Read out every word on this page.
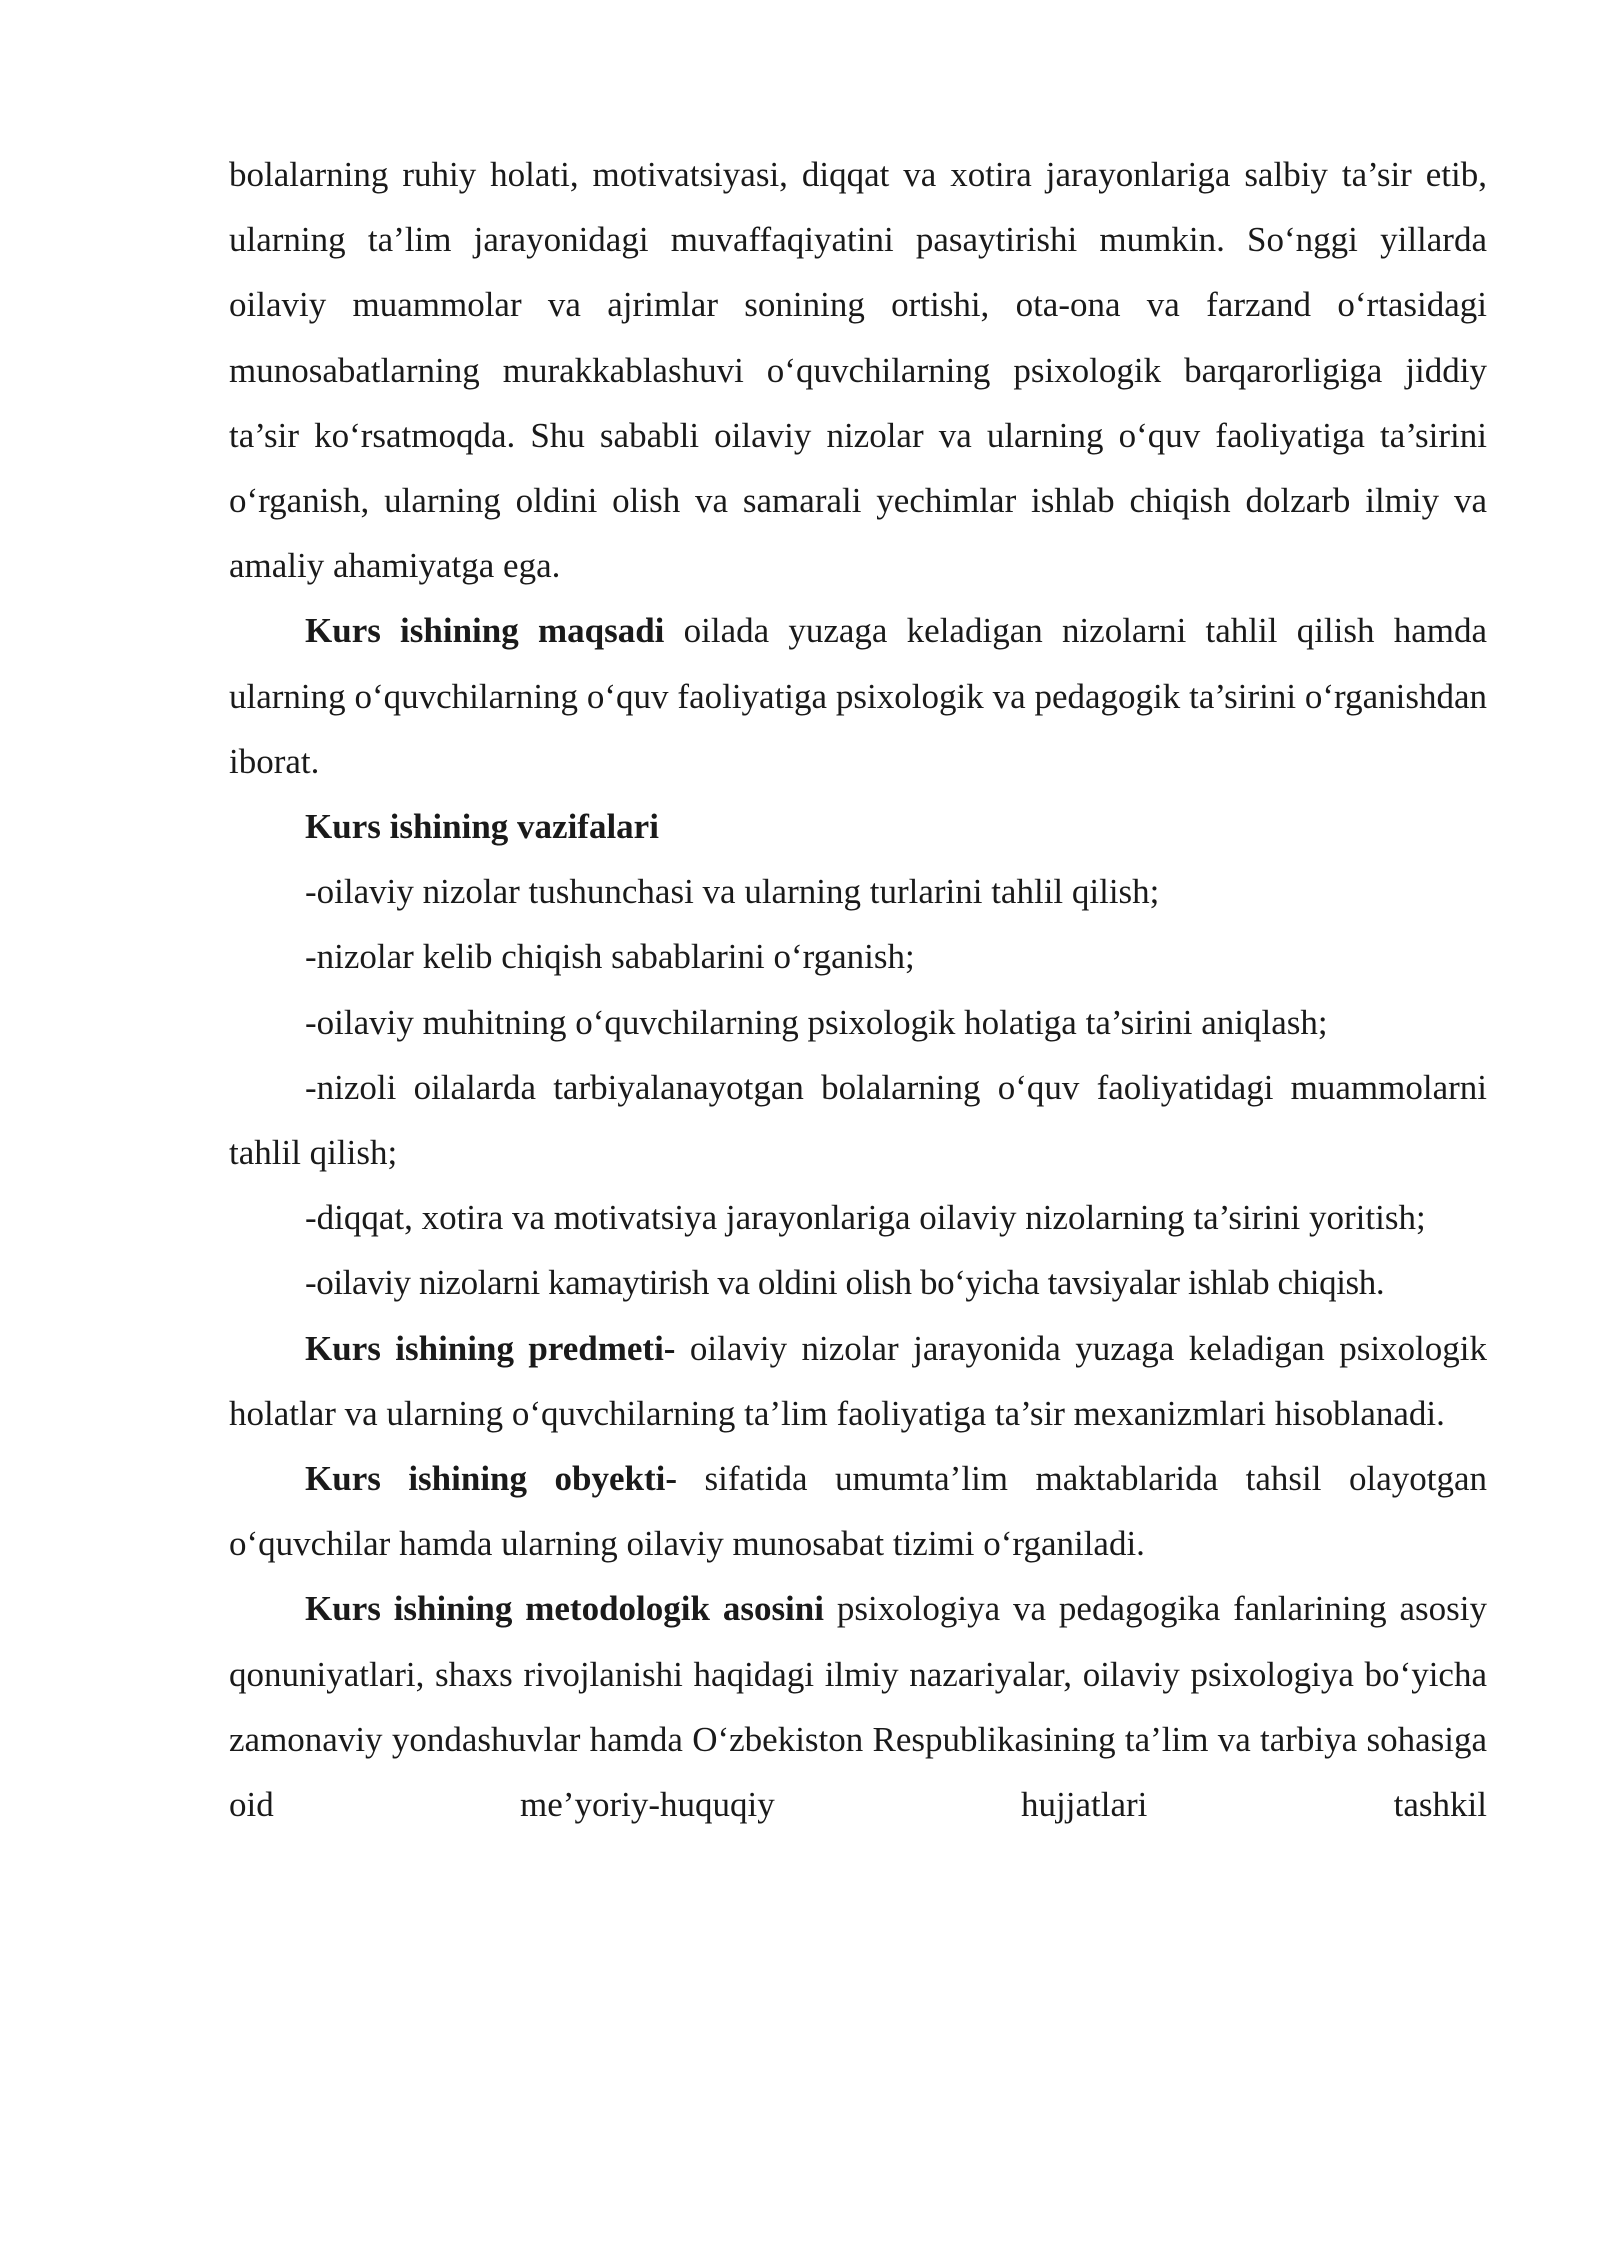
bolalarning ruhiy holati, motivatsiyasi, diqqat va xotira jarayonlariga salbiy ta’sir etib, ularning ta’lim jarayonidagi muvaffaqiyatini pasaytirishi mumkin. So‘nggi yillarda oilaviy muammolar va ajrimlar sonining ortishi, ota-ona va farzand o‘rtasidagi munosabatlarning murakkablashuvi o‘quvchilarning psixologik barqarorligiga jiddiy ta’sir ko‘rsatmoqda. Shu sababli oilaviy nizolar va ularning o‘quv faoliyatiga ta’sirini o‘rganish, ularning oldini olish va samarali yechimlar ishlab chiqish dolzarb ilmiy va amaliy ahamiyatga ega.

Kurs ishining maqsadi oilada yuzaga keladigan nizolarni tahlil qilish hamda ularning o‘quvchilarning o‘quv faoliyatiga psixologik va pedagogik ta’sirini o‘rganishdan iborat.

Kurs ishining vazifalari

-oilaviy nizolar tushunchasi va ularning turlarini tahlil qilish;

-nizolar kelib chiqish sabablarini o‘rganish;

-oilaviy muhitning o‘quvchilarning psixologik holatiga ta’sirini aniqlash;

-nizoli oilalarda tarbiyalanayotgan bolalarning o‘quv faoliyatidagi muammolarni tahlil qilish;

-diqqat, xotira va motivatsiya jarayonlariga oilaviy nizolarning ta’sirini yoritish;

-oilaviy nizolarni kamaytirish va oldini olish bo‘yicha tavsiyalar ishlab chiqish.

Kurs ishining predmeti- oilaviy nizolar jarayonida yuzaga keladigan psixologik holatlar va ularning o‘quvchilarning ta’lim faoliyatiga ta’sir mexanizmlari hisoblanadi.

Kurs ishining obyekti- sifatida umumta’lim maktablarida tahsil olayotgan o‘quvchilar hamda ularning oilaviy munosabat tizimi o‘rganiladi.

Kurs ishining metodologik asosini psixologiya va pedagogika fanlarining asosiy qonuniyatlari, shaxs rivojlanishi haqidagi ilmiy nazariyalar, oilaviy psixologiya bo‘yicha zamonaviy yondashuvlar hamda O‘zbekiston Respublikasining ta’lim va tarbiya sohasiga oid me’yoriy-huquqiy hujjatlari tashkil
